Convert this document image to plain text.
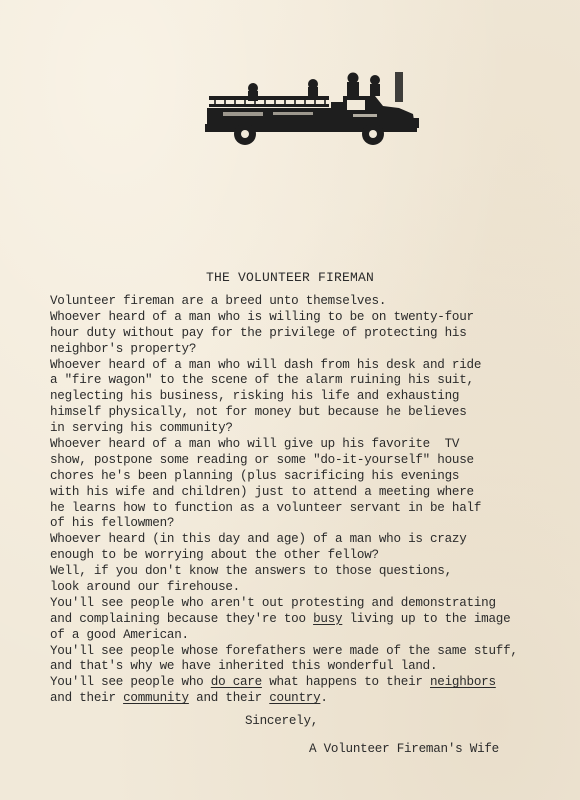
THE VOLUNTEER FIREMAN
Volunteer fireman are a breed unto themselves.
Whoever heard of a man who is willing to be on twenty-four
hour duty without pay for the privilege of protecting his
neighbor's property?
Whoever heard of a man who will dash from his desk and ride
a "fire wagon" to the scene of the alarm ruining his suit,
neglecting his business, risking his life and exhausting
himself physically, not for money but because he believes
in serving his community?
Whoever heard of a man who will give up his favorite  TV
show, postpone some reading or some "do-it-yourself" house
chores he's been planning (plus sacrificing his evenings
with his wife and children) just to attend a meeting where
he learns how to function as a volunteer servant in be half
of his fellowmen?
Whoever heard (in this day and age) of a man who is crazy
enough to be worrying about the other fellow?
Well, if you don't know the answers to those questions,
look around our firehouse.
You'll see people who aren't out protesting and demonstrating
and complaining because they're too busy living up to the image
of a good American.
You'll see people whose forefathers were made of the same stuff,
and that's why we have inherited this wonderful land.
You'll see people who do care what happens to their neighbors
and their community and their country.
Sincerely,
A Volunteer Fireman's Wife
